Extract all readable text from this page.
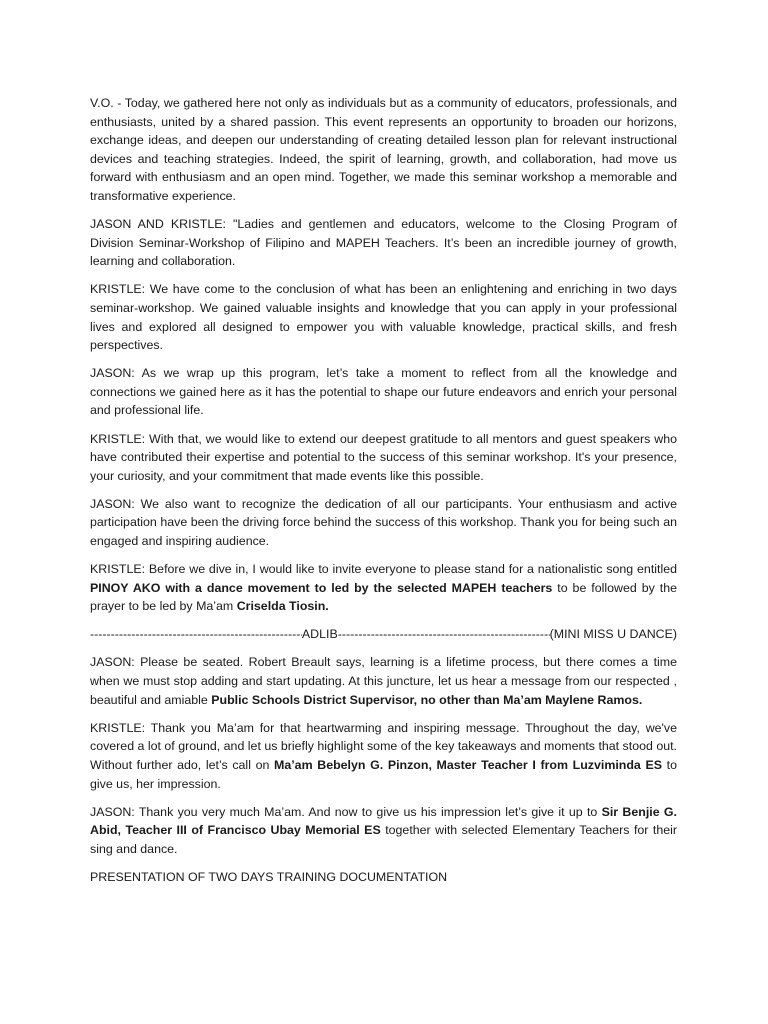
V.O. - Today, we gathered here not only as individuals but as a community of educators, professionals, and enthusiasts, united by a shared passion. This event represents an opportunity to broaden our horizons, exchange ideas, and deepen our understanding of creating detailed lesson plan for relevant instructional devices and teaching strategies. Indeed, the spirit of learning, growth, and collaboration, had move us forward with enthusiasm and an open mind. Together, we made this seminar workshop a memorable and transformative experience.

JASON AND KRISTLE: "Ladies and gentlemen and educators, welcome to the Closing Program of Division Seminar-Workshop of Filipino and MAPEH Teachers. It’s been an incredible journey of growth, learning and collaboration.

KRISTLE: We have come to the conclusion of what has been an enlightening and enriching in two days seminar-workshop. We gained valuable insights and knowledge that you can apply in your professional lives and explored all designed to empower you with valuable knowledge, practical skills, and fresh perspectives.

JASON: As we wrap up this program, let’s take a moment to reflect from all the knowledge and connections we gained here as it has the potential to shape our future endeavors and enrich your personal and professional life.

KRISTLE: With that, we would like to extend our deepest gratitude to all mentors and guest speakers who have contributed their expertise and potential to the success of this seminar workshop. It's your presence, your curiosity, and your commitment that made events like this possible.

JASON: We also want to recognize the dedication of all our participants. Your enthusiasm and active participation have been the driving force behind the success of this workshop. Thank you for being such an engaged and inspiring audience.

KRISTLE: Before we dive in, I would like to invite everyone to please stand for a nationalistic song entitled PINOY AKO with a dance movement to led by the selected MAPEH teachers to be followed by the prayer to be led by Ma’am Criselda Tiosin.

-----
ADLIB
-----	(MINI MISS U DANCE)

JASON: Please be seated. Robert Breault says, learning is a lifetime process, but there comes a time when we must stop adding and start updating. At this juncture, let us hear a message from our respected , beautiful and amiable Public Schools District Supervisor, no other than Ma’am Maylene Ramos.

KRISTLE: Thank you Ma’am for that heartwarming and inspiring message. Throughout the day, we've covered a lot of ground, and let us briefly highlight some of the key takeaways and moments that stood out. Without further ado, let’s call on Ma’am Bebelyn G. Pinzon, Master Teacher I from Luzviminda ES to give us, her impression.

JASON: Thank you very much Ma’am. And now to give us his impression let’s give it up to Sir Benjie G. Abid, Teacher III of Francisco Ubay Memorial ES together with selected Elementary Teachers for their sing and dance.

PRESENTATION OF TWO DAYS TRAINING DOCUMENTATION
